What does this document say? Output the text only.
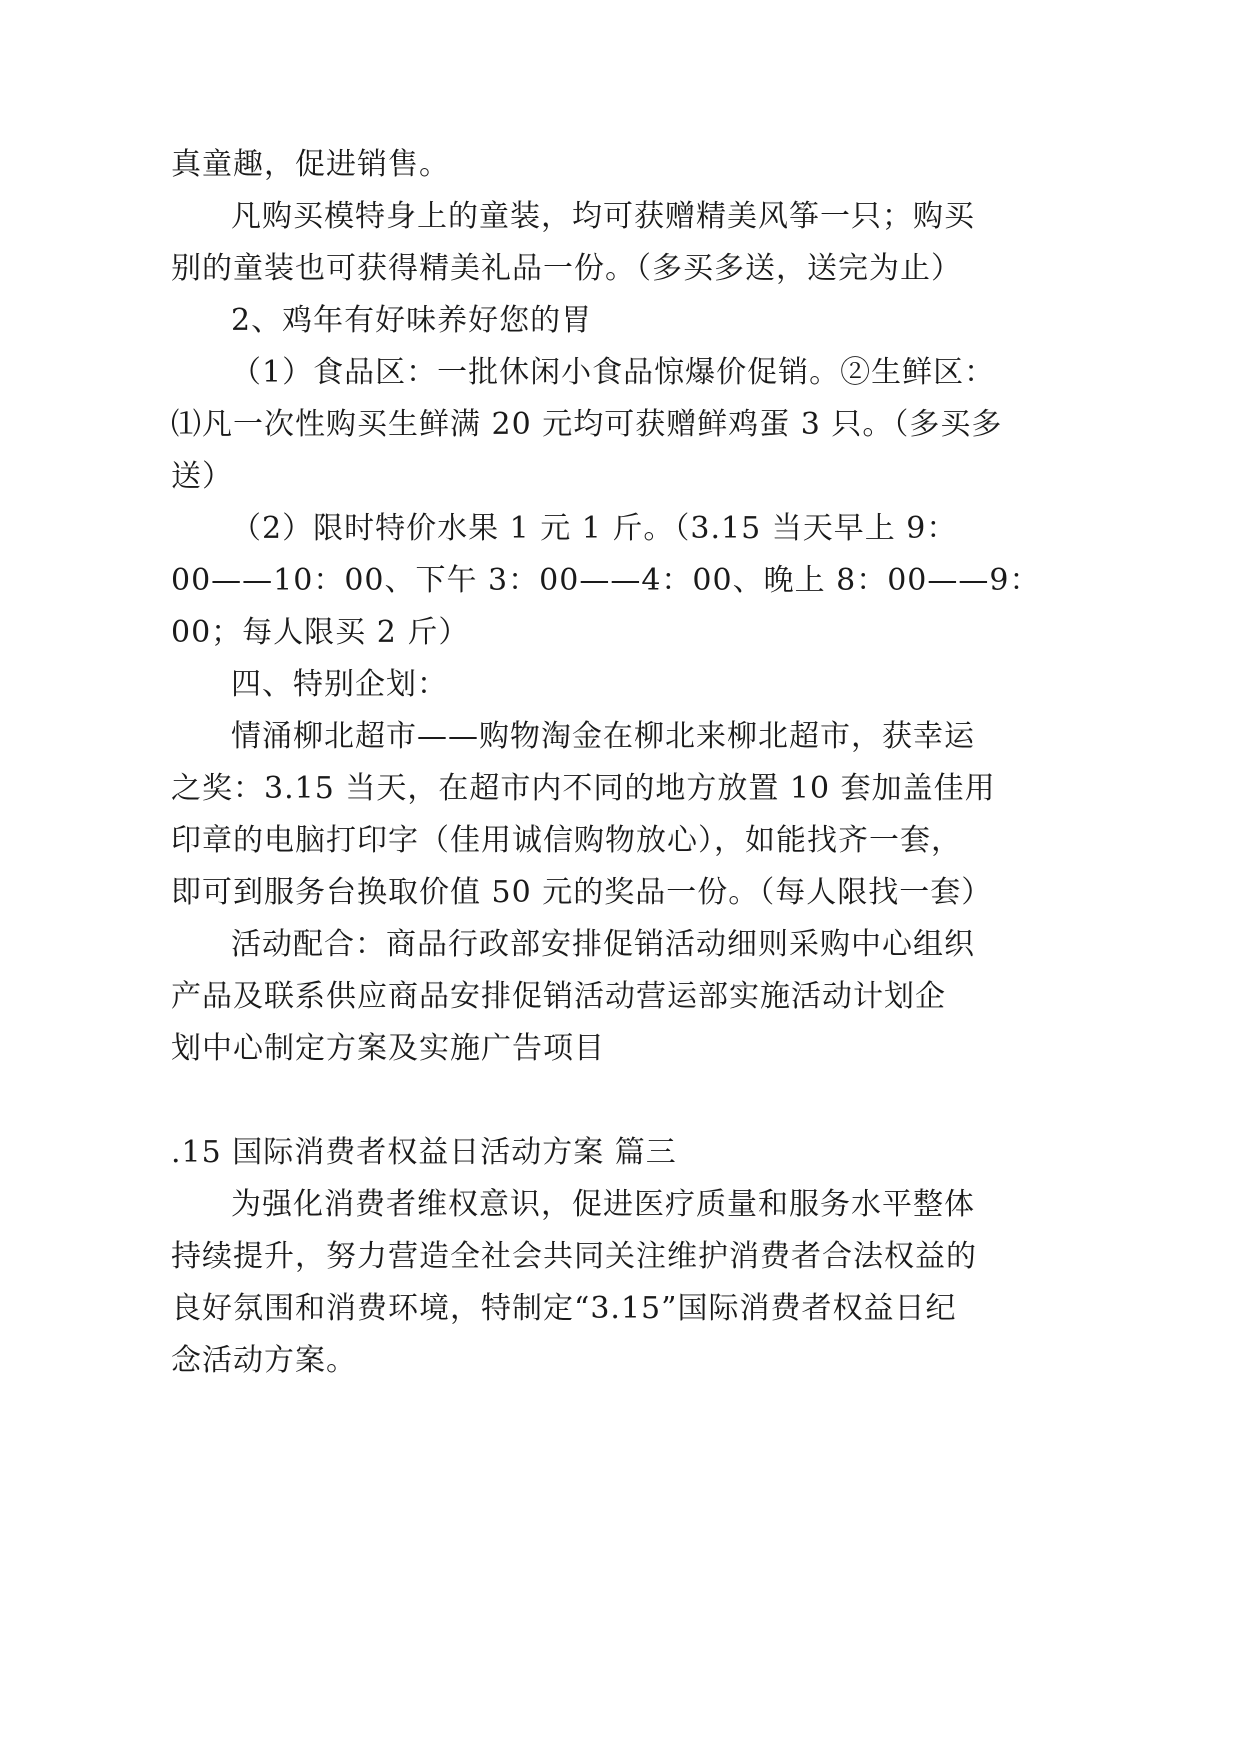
真童趣，促进销售。
凡购买模特身上的童装，均可获赠精美风筝一只；购买
别的童装也可获得精美礼品一份。（多买多送，送完为止）
2、鸡年有好味养好您的胃
（1）食品区：一批休闲小食品惊爆价促销。②生鲜区：
⑴凡一次性购买生鲜满 20 元均可获赠鲜鸡蛋 3 只。（多买多
送）
（2）限时特价水果 1 元 1 斤。（3.15 当天早上 9：
00——10：00、下午 3：00——4：00、晚上 8：00——9：
00；每人限买 2 斤）
四、特别企划：
情涌柳北超市——购物淘金在柳北来柳北超市，获幸运
之奖：3.15 当天，在超市内不同的地方放置 10 套加盖佳用
印章的电脑打印字（佳用诚信购物放心），如能找齐一套，
即可到服务台换取价值 50 元的奖品一份。（每人限找一套）
活动配合：商品行政部安排促销活动细则采购中心组织
产品及联系供应商品安排促销活动营运部实施活动计划企
划中心制定方案及实施广告项目
.15 国际消费者权益日活动方案 篇三
为强化消费者维权意识，促进医疗质量和服务水平整体
持续提升，努力营造全社会共同关注维护消费者合法权益的
良好氛围和消费环境，特制定“3.15”国际消费者权益日纪
念活动方案。
